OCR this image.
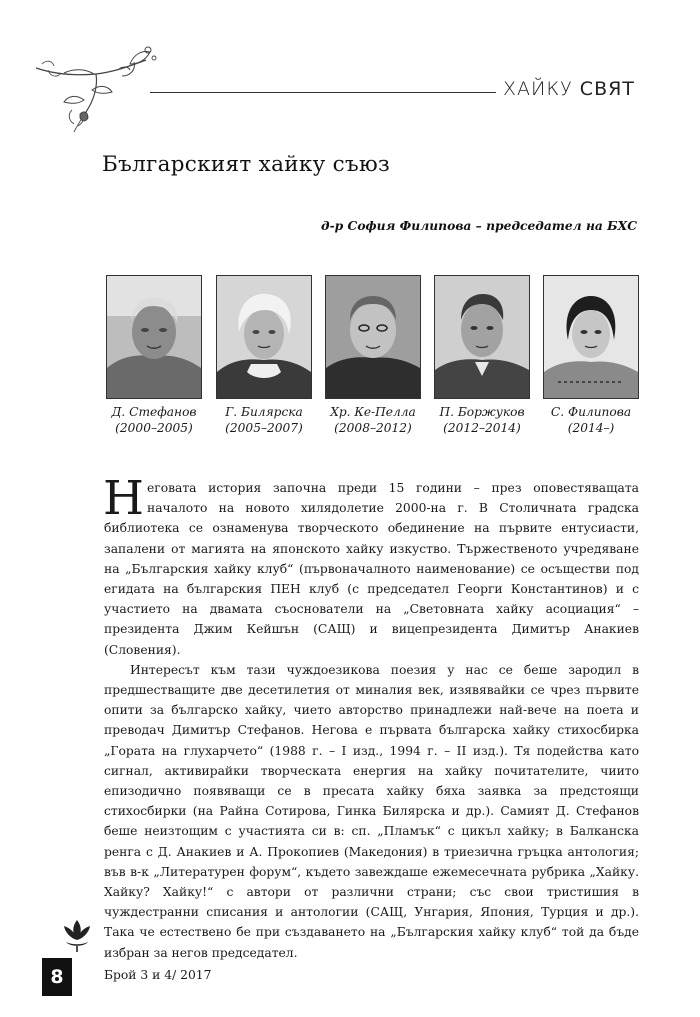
ХАЙКУ СВЯТ
Българският хайку съюз
д-р София Филипова – председател на БХС
Д. Стефанов
(2000–2005)
Г. Билярска
(2005–2007)
Хр. Ке-Пелла
(2008–2012)
П. Боржуков
(2012–2014)
С. Филипова
(2014–)

Неговата история започна преди 15 години – през оповестяващата началото на новото хилядолетие 2000-на г. В Столичната градска библиотека се ознаменува творческото обединение на първите ентусиасти, запалени от магията на японското хайку изкуство. Тържественото учредяване на „Българския хайку клуб“ (първоначалното наименование) се осъществи под егидата на българския ПЕН клуб (с председател Георги Константинов) и с участието на двамата съоснователи на „Световната хайку асоциация“ – президента Джим Кейшън (САЩ) и вицепрезидента Димитър Анакиев (Словения).

Интересът към тази чуждоезикова поезия у нас се беше зародил в предшестващите две десетилетия от миналия век, изявявайки се чрез първите опити за българско хайку, чието авторство принадлежи най-вече на поета и преводач Димитър Стефанов. Негова е първата българска хайку стихосбирка „Гората на глухарчето“ (1988 г. – I изд., 1994 г. – II изд.). Тя подейства като сигнал, активирайки творческата енергия на хайку почитателите, чиито епизодично появяващи се в пресата хайку бяха заявка за предстоящи стихосбирки (на Райна Сотирова, Гинка Билярска и др.). Самият Д. Стефанов беше неизтощим с участията си в: сп. „Пламък“ с цикъл хайку; в Балканска ренга с Д. Анакиев и А. Прокопиев (Македония) в триезична гръцка антология; във в-к „Литературен форум“, където завеждаше ежемесечната рубрика „Хайку. Хайку? Хайку!“ с автори от различни страни; със свои тристишия в чуждестранни списания и антологии (САЩ, Унгария, Япония, Турция и др.). Така че естествено бе при създаването на „Българския хайку клуб“ той да бъде избран за негов председател.

8	Брой 3 и 4/ 2017
